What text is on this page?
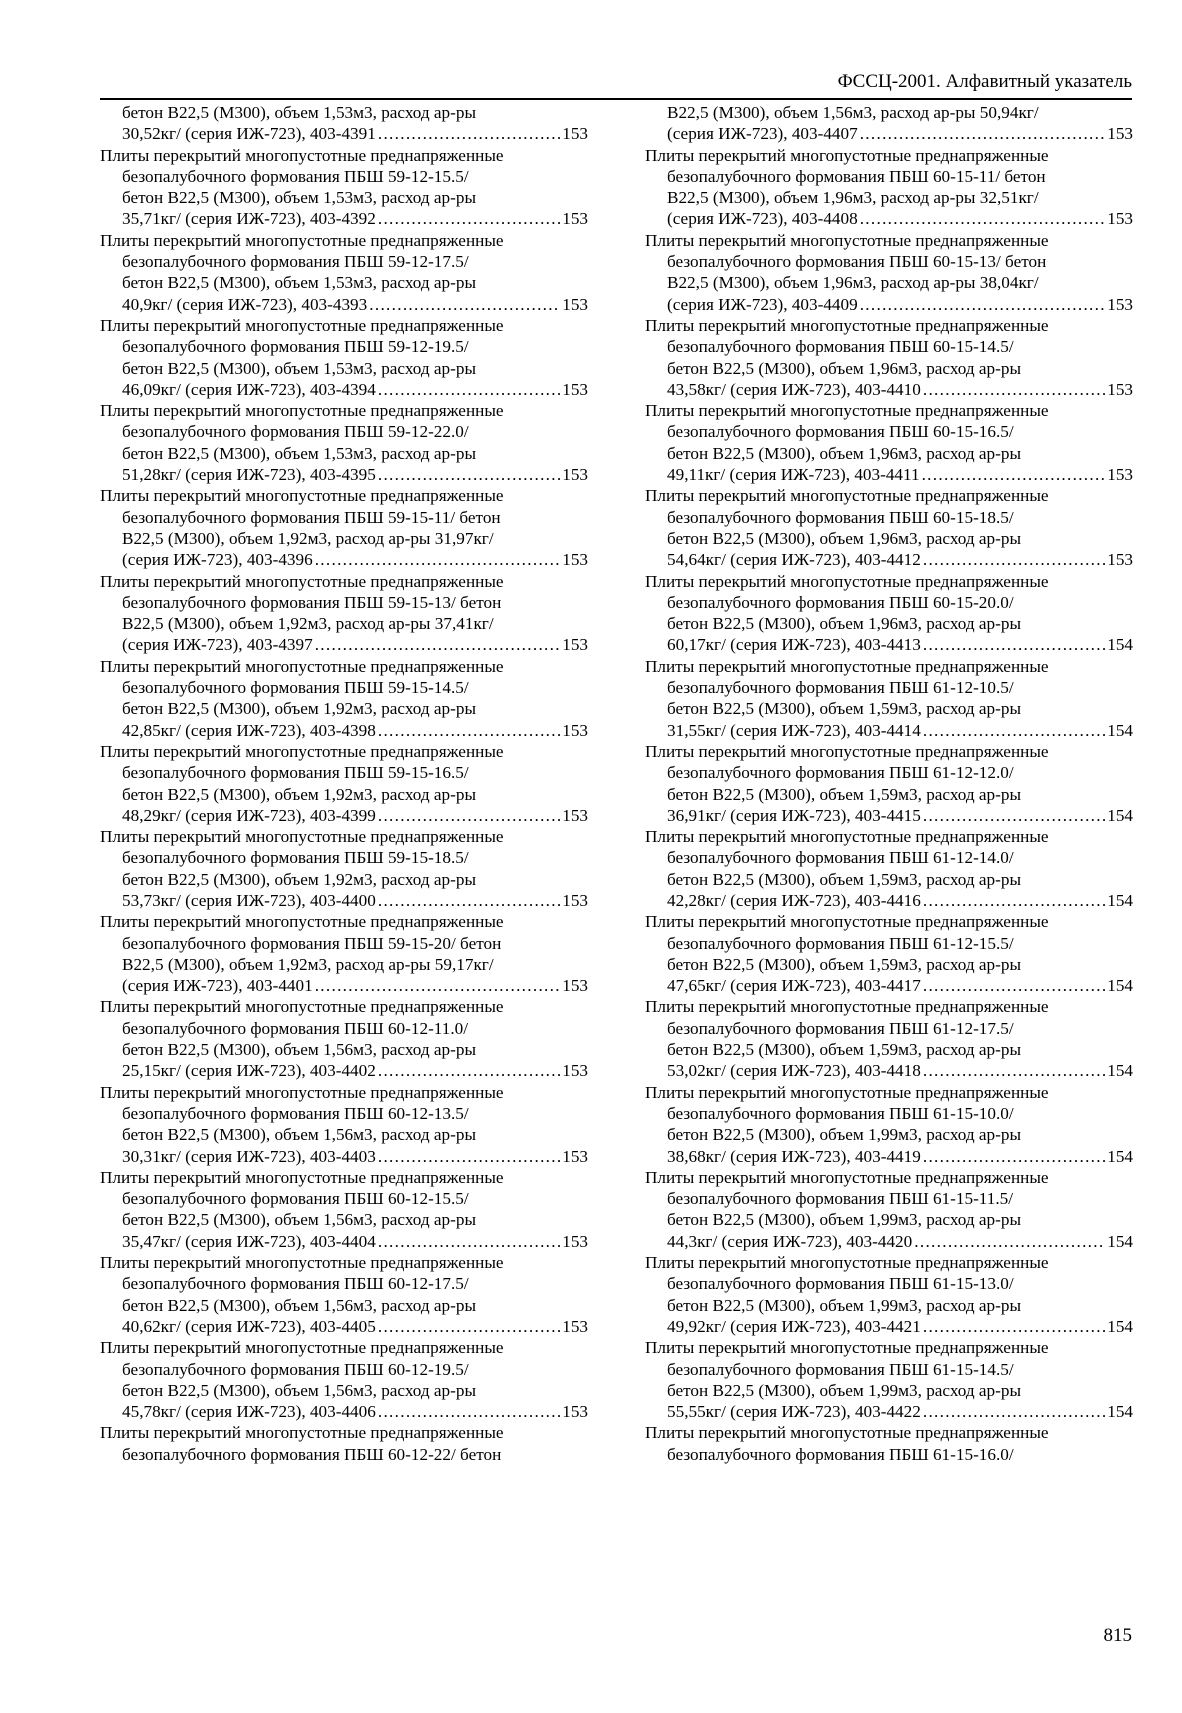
ФССЦ-2001. Алфавитный указатель
бетон В22,5 (М300), объем 1,53м3, расход ар-ры
30,52кг/ (серия ИЖ-723), 403-4391 . . .	153
Плиты перекрытий многопустотные преднапряженные
безопалубочного формования ПБШ 59-12-15.5/
бетон В22,5 (М300), объем 1,53м3, расход ар-ры
35,71кг/ (серия ИЖ-723), 403-4392 . . .	153
Плиты перекрытий многопустотные преднапряженные
безопалубочного формования ПБШ 59-12-17.5/
бетон В22,5 (М300), объем 1,53м3, расход ар-ры
40,9кг/ (серия ИЖ-723), 403-4393 . . .	153
Плиты перекрытий многопустотные преднапряженные
безопалубочного формования ПБШ 59-12-19.5/
бетон В22,5 (М300), объем 1,53м3, расход ар-ры
46,09кг/ (серия ИЖ-723), 403-4394 . . .	153
Плиты перекрытий многопустотные преднапряженные
безопалубочного формования ПБШ 59-12-22.0/
бетон В22,5 (М300), объем 1,53м3, расход ар-ры
51,28кг/ (серия ИЖ-723), 403-4395 . . .	153
Плиты перекрытий многопустотные преднапряженные
безопалубочного формования ПБШ 59-15-11/ бетон
В22,5 (М300), объем 1,92м3, расход ар-ры 31,97кг/
(серия ИЖ-723), 403-4396 . . .	153
Плиты перекрытий многопустотные преднапряженные
безопалубочного формования ПБШ 59-15-13/ бетон
В22,5 (М300), объем 1,92м3, расход ар-ры 37,41кг/
(серия ИЖ-723), 403-4397 . . .	153
Плиты перекрытий многопустотные преднапряженные
безопалубочного формования ПБШ 59-15-14.5/
бетон В22,5 (М300), объем 1,92м3, расход ар-ры
42,85кг/ (серия ИЖ-723), 403-4398 . . .	153
Плиты перекрытий многопустотные преднапряженные
безопалубочного формования ПБШ 59-15-16.5/
бетон В22,5 (М300), объем 1,92м3, расход ар-ры
48,29кг/ (серия ИЖ-723), 403-4399 . . .	153
Плиты перекрытий многопустотные преднапряженные
безопалубочного формования ПБШ 59-15-18.5/
бетон В22,5 (М300), объем 1,92м3, расход ар-ры
53,73кг/ (серия ИЖ-723), 403-4400 . . .	153
Плиты перекрытий многопустотные преднапряженные
безопалубочного формования ПБШ 59-15-20/ бетон
В22,5 (М300), объем 1,92м3, расход ар-ры 59,17кг/
(серия ИЖ-723), 403-4401 . . .	153
Плиты перекрытий многопустотные преднапряженные
безопалубочного формования ПБШ 60-12-11.0/
бетон В22,5 (М300), объем 1,56м3, расход ар-ры
25,15кг/ (серия ИЖ-723), 403-4402 . . .	153
Плиты перекрытий многопустотные преднапряженные
безопалубочного формования ПБШ 60-12-13.5/
бетон В22,5 (М300), объем 1,56м3, расход ар-ры
30,31кг/ (серия ИЖ-723), 403-4403 . . .	153
Плиты перекрытий многопустотные преднапряженные
безопалубочного формования ПБШ 60-12-15.5/
бетон В22,5 (М300), объем 1,56м3, расход ар-ры
35,47кг/ (серия ИЖ-723), 403-4404 . . .	153
Плиты перекрытий многопустотные преднапряженные
безопалубочного формования ПБШ 60-12-17.5/
бетон В22,5 (М300), объем 1,56м3, расход ар-ры
40,62кг/ (серия ИЖ-723), 403-4405 . . .	153
Плиты перекрытий многопустотные преднапряженные
безопалубочного формования ПБШ 60-12-19.5/
бетон В22,5 (М300), объем 1,56м3, расход ар-ры
45,78кг/ (серия ИЖ-723), 403-4406 . . .	153
Плиты перекрытий многопустотные преднапряженные
безопалубочного формования ПБШ 60-12-22/ бетон
В22,5 (М300), объем 1,56м3, расход ар-ры 50,94кг/
(серия ИЖ-723), 403-4407 . . .	153
Плиты перекрытий многопустотные преднапряженные
безопалубочного формования ПБШ 60-15-11/ бетон
В22,5 (М300), объем 1,96м3, расход ар-ры 32,51кг/
(серия ИЖ-723), 403-4408 . . .	153
Плиты перекрытий многопустотные преднапряженные
безопалубочного формования ПБШ 60-15-13/ бетон
В22,5 (М300), объем 1,96м3, расход ар-ры 38,04кг/
(серия ИЖ-723), 403-4409 . . .	153
Плиты перекрытий многопустотные преднапряженные
безопалубочного формования ПБШ 60-15-14.5/
бетон В22,5 (М300), объем 1,96м3, расход ар-ры
43,58кг/ (серия ИЖ-723), 403-4410 . . .	153
Плиты перекрытий многопустотные преднапряженные
безопалубочного формования ПБШ 60-15-16.5/
бетон В22,5 (М300), объем 1,96м3, расход ар-ры
49,11кг/ (серия ИЖ-723), 403-4411 . . .	153
Плиты перекрытий многопустотные преднапряженные
безопалубочного формования ПБШ 60-15-18.5/
бетон В22,5 (М300), объем 1,96м3, расход ар-ры
54,64кг/ (серия ИЖ-723), 403-4412 . . .	153
Плиты перекрытий многопустотные преднапряженные
безопалубочного формования ПБШ 60-15-20.0/
бетон В22,5 (М300), объем 1,96м3, расход ар-ры
60,17кг/ (серия ИЖ-723), 403-4413 . . .	154
Плиты перекрытий многопустотные преднапряженные
безопалубочного формования ПБШ 61-12-10.5/
бетон В22,5 (М300), объем 1,59м3, расход ар-ры
31,55кг/ (серия ИЖ-723), 403-4414 . . .	154
Плиты перекрытий многопустотные преднапряженные
безопалубочного формования ПБШ 61-12-12.0/
бетон В22,5 (М300), объем 1,59м3, расход ар-ры
36,91кг/ (серия ИЖ-723), 403-4415 . . .	154
Плиты перекрытий многопустотные преднапряженные
безопалубочного формования ПБШ 61-12-14.0/
бетон В22,5 (М300), объем 1,59м3, расход ар-ры
42,28кг/ (серия ИЖ-723), 403-4416 . . .	154
Плиты перекрытий многопустотные преднапряженные
безопалубочного формования ПБШ 61-12-15.5/
бетон В22,5 (М300), объем 1,59м3, расход ар-ры
47,65кг/ (серия ИЖ-723), 403-4417 . . .	154
Плиты перекрытий многопустотные преднапряженные
безопалубочного формования ПБШ 61-12-17.5/
бетон В22,5 (М300), объем 1,59м3, расход ар-ры
53,02кг/ (серия ИЖ-723), 403-4418 . . .	154
Плиты перекрытий многопустотные преднапряженные
безопалубочного формования ПБШ 61-15-10.0/
бетон В22,5 (М300), объем 1,99м3, расход ар-ры
38,68кг/ (серия ИЖ-723), 403-4419 . . .	154
Плиты перекрытий многопустотные преднапряженные
безопалубочного формования ПБШ 61-15-11.5/
бетон В22,5 (М300), объем 1,99м3, расход ар-ры
44,3кг/ (серия ИЖ-723), 403-4420 . . .	154
Плиты перекрытий многопустотные преднапряженные
безопалубочного формования ПБШ 61-15-13.0/
бетон В22,5 (М300), объем 1,99м3, расход ар-ры
49,92кг/ (серия ИЖ-723), 403-4421 . . .	154
Плиты перекрытий многопустотные преднапряженные
безопалубочного формования ПБШ 61-15-14.5/
бетон В22,5 (М300), объем 1,99м3, расход ар-ры
55,55кг/ (серия ИЖ-723), 403-4422 . . .	154
Плиты перекрытий многопустотные преднапряженные
безопалубочного формования ПБШ 61-15-16.0/
815
